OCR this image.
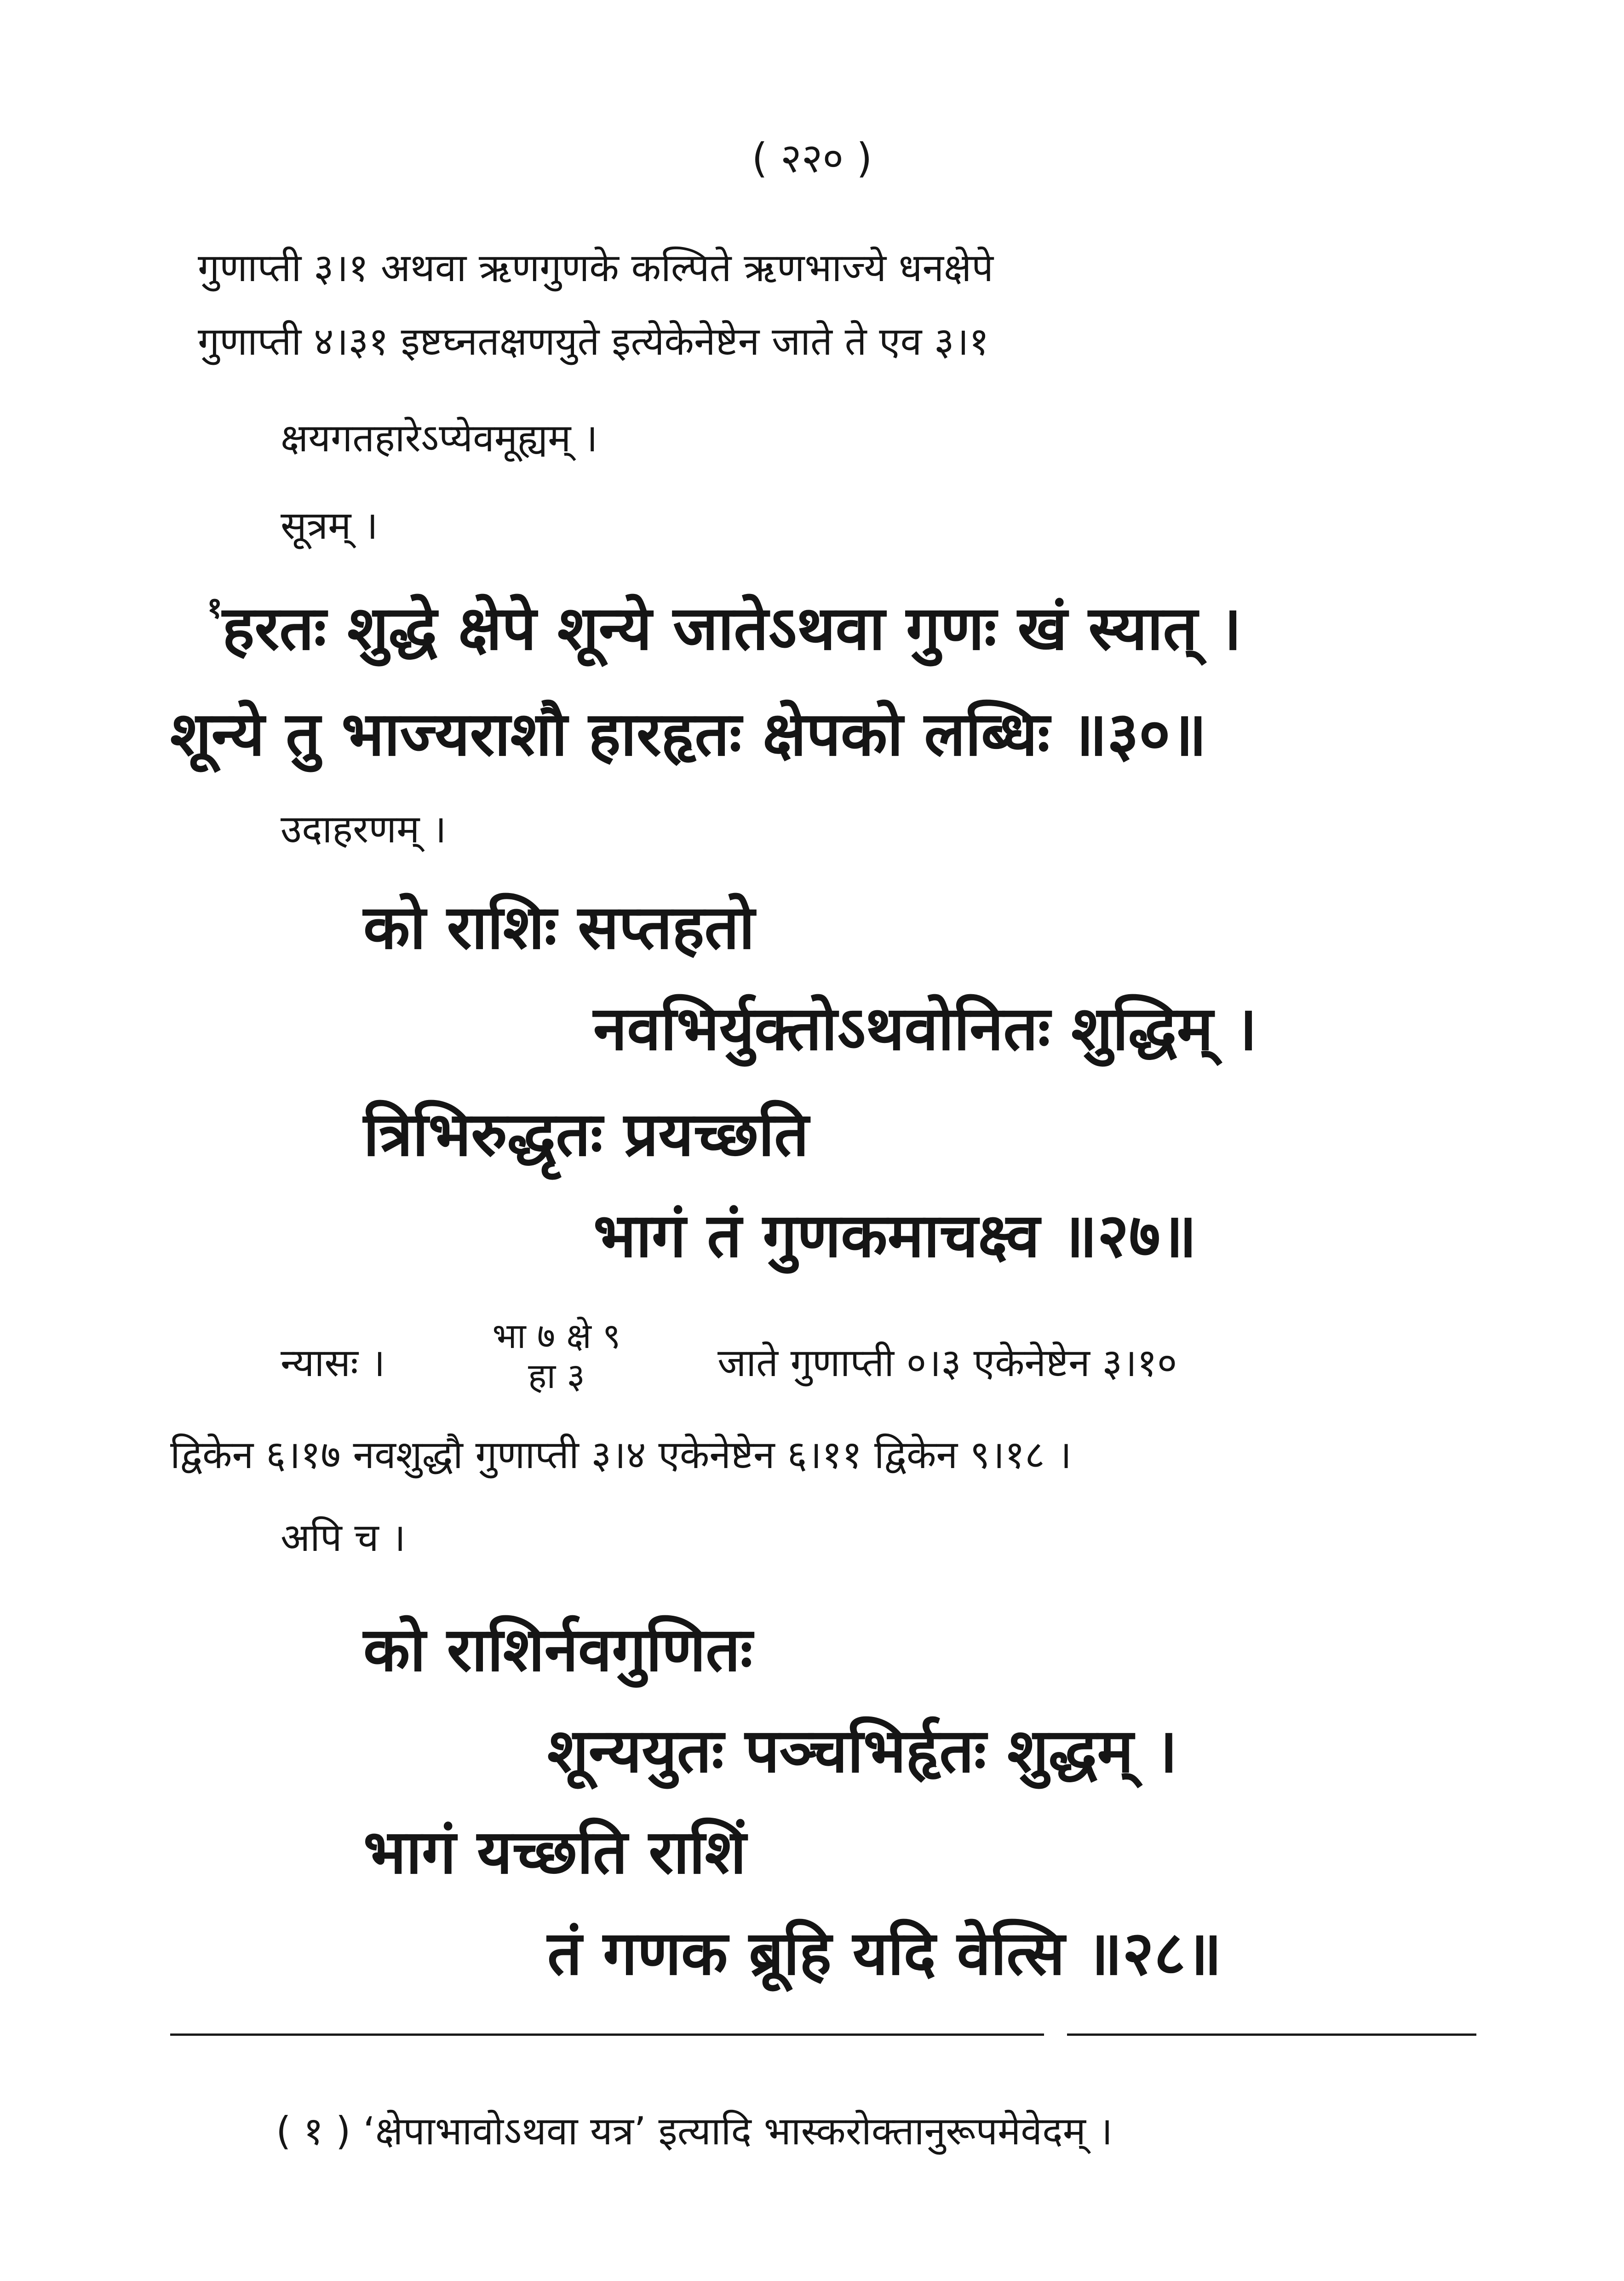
( २२० )
गुणाप्ती ३।१ अथवा ऋणगुणके कल्पिते ऋणभाज्ये धनक्षेपे
गुणाप्ती ४।३१ इष्टघ्नतक्षणयुते इत्येकेनेष्टेन जाते ते एव ३।१
क्षयगतहारेऽप्येवमूह्यम् ।
सूत्रम् ।
$^१$हरतः शुद्धे क्षेपे शून्ये जातेऽथवा गुणः खं स्यात् ।
शून्ये तु भाज्यराशौ हारहृतः क्षेपको लब्धिः ॥३०॥
उदाहरणम् ।
को राशिः सप्तहतो
नवभिर्युक्तोऽथवोनितः शुद्धिम् ।
त्रिभिरुद्धृतः प्रयच्छति
भागं तं गुणकमाचक्ष्व ॥२७॥
न्यासः ।
भा ७ क्षे ९
हा ३	जाते गुणाप्ती ०।३ एकेनेष्टेन ३।१०
द्विकेन ६।१७ नवशुद्धौ गुणाप्ती ३।४ एकेनेष्टेन ६।११ द्विकेन ९।१८ ।
अपि च ।
को राशिर्नवगुणितः
शून्ययुतः पञ्चभिर्हृतः शुद्धम् ।
भागं यच्छति राशिं
तं गणक ब्रूहि यदि वेत्सि ॥२८॥
( १ ) ‘क्षेपाभावोऽथवा यत्र’ इत्यादि भास्करोक्तानुरूपमेवेदम् ।
